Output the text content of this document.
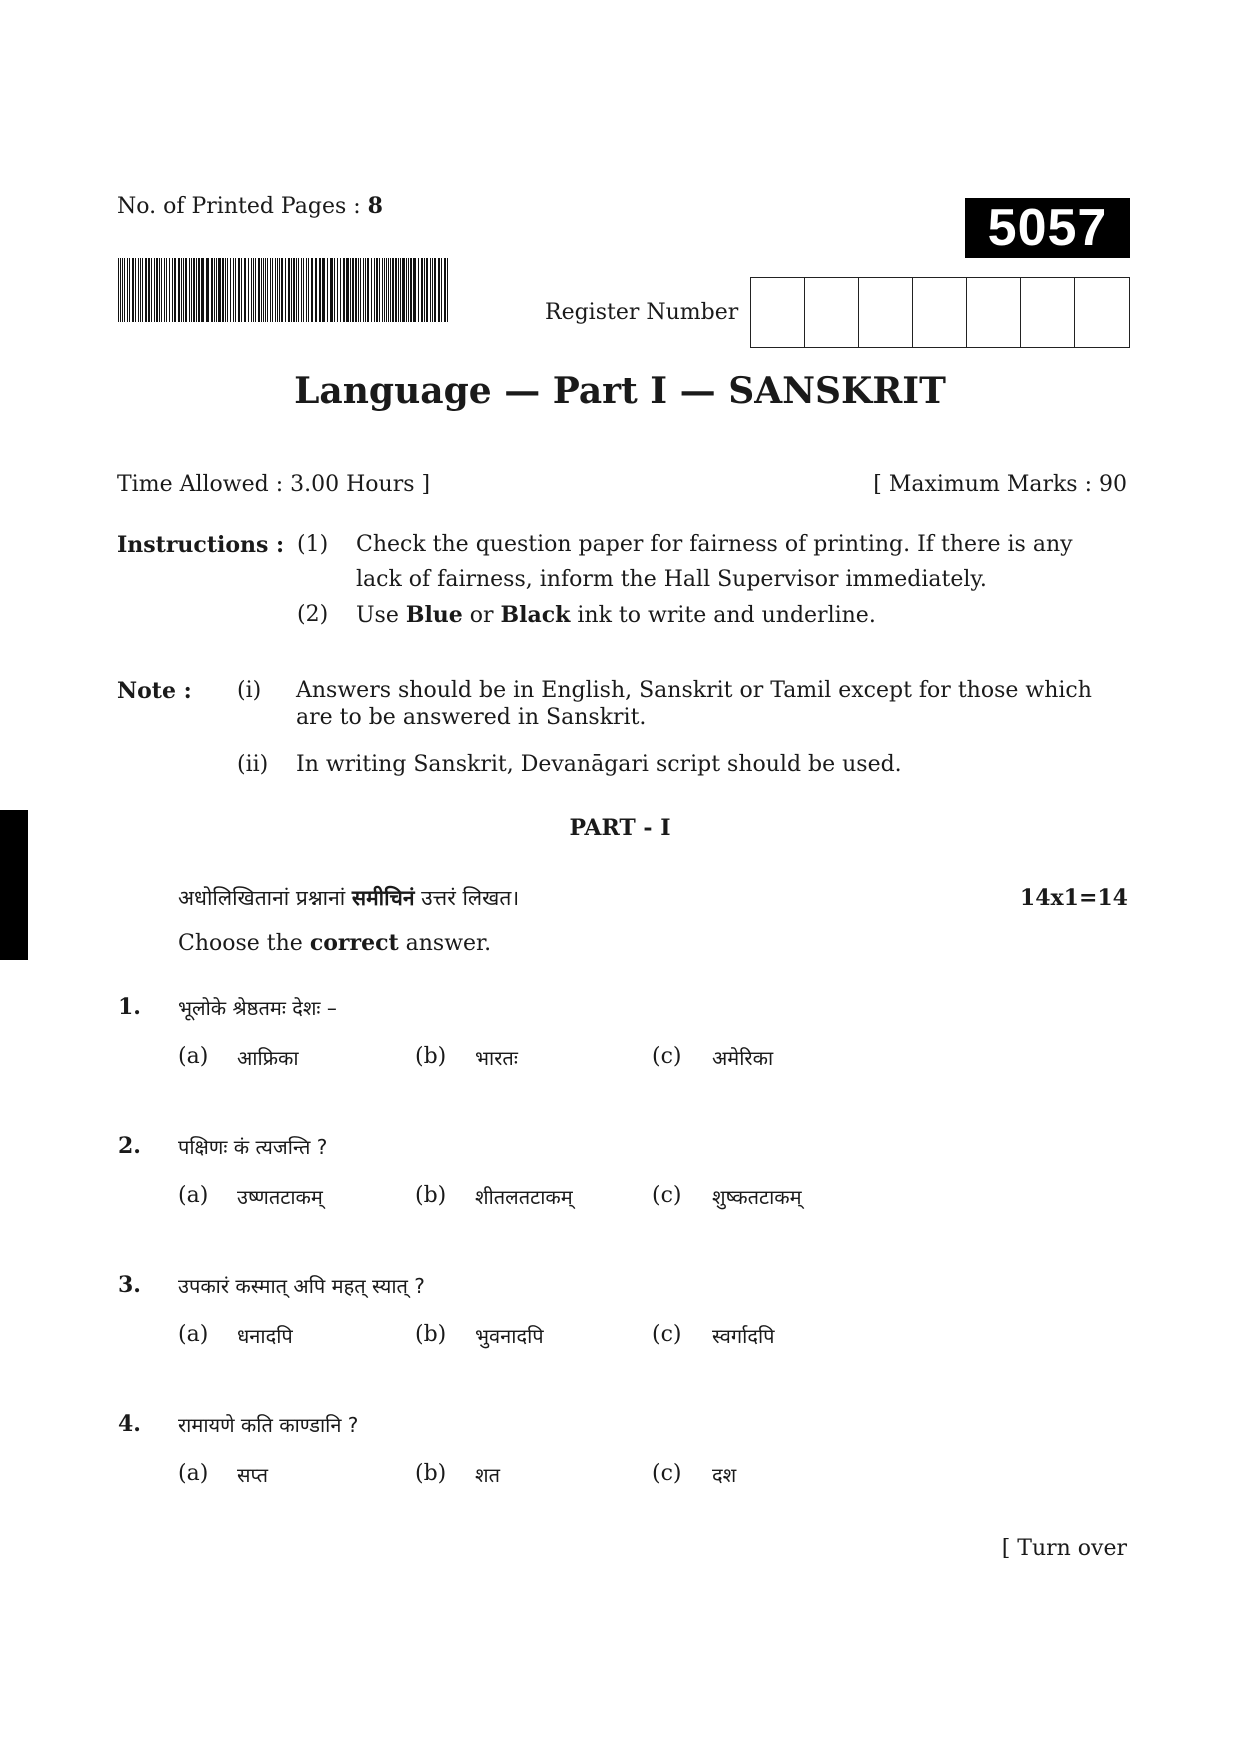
No. of Printed Pages : 8	5057
Register Number
Language — Part I — SANSKRIT
Time Allowed : 3.00 Hours ]	[ Maximum Marks : 90
Instructions : (1) Check the question paper for fairness of printing. If there is any
lack of fairness, inform the Hall Supervisor immediately.
(2) Use Blue or Black ink to write and underline.
Note : (i) Answers should be in English, Sanskrit or Tamil except for those which
are to be answered in Sanskrit.
(ii) In writing Sanskrit, Devanāgari script should be used.
PART - I
अधोलिखितानां प्रश्नानां समीचिनं उत्तरं लिखत।	14x1=14
Choose the correct answer.
1. भूलोके श्रेष्ठतमः देशः –
(a) आफ्रिका	(b) भारतः	(c) अमेरिका
2. पक्षिणः कं त्यजन्ति ?
(a) उष्णतटाकम्	(b) शीतलतटाकम्	(c) शुष्कतटाकम्
3. उपकारं कस्मात् अपि महत् स्यात् ?
(a) धनादपि	(b) भुवनादपि	(c) स्वर्गादपि
4. रामायणे कति काण्डानि ?
(a) सप्त	(b) शत	(c) दश
[ Turn over
